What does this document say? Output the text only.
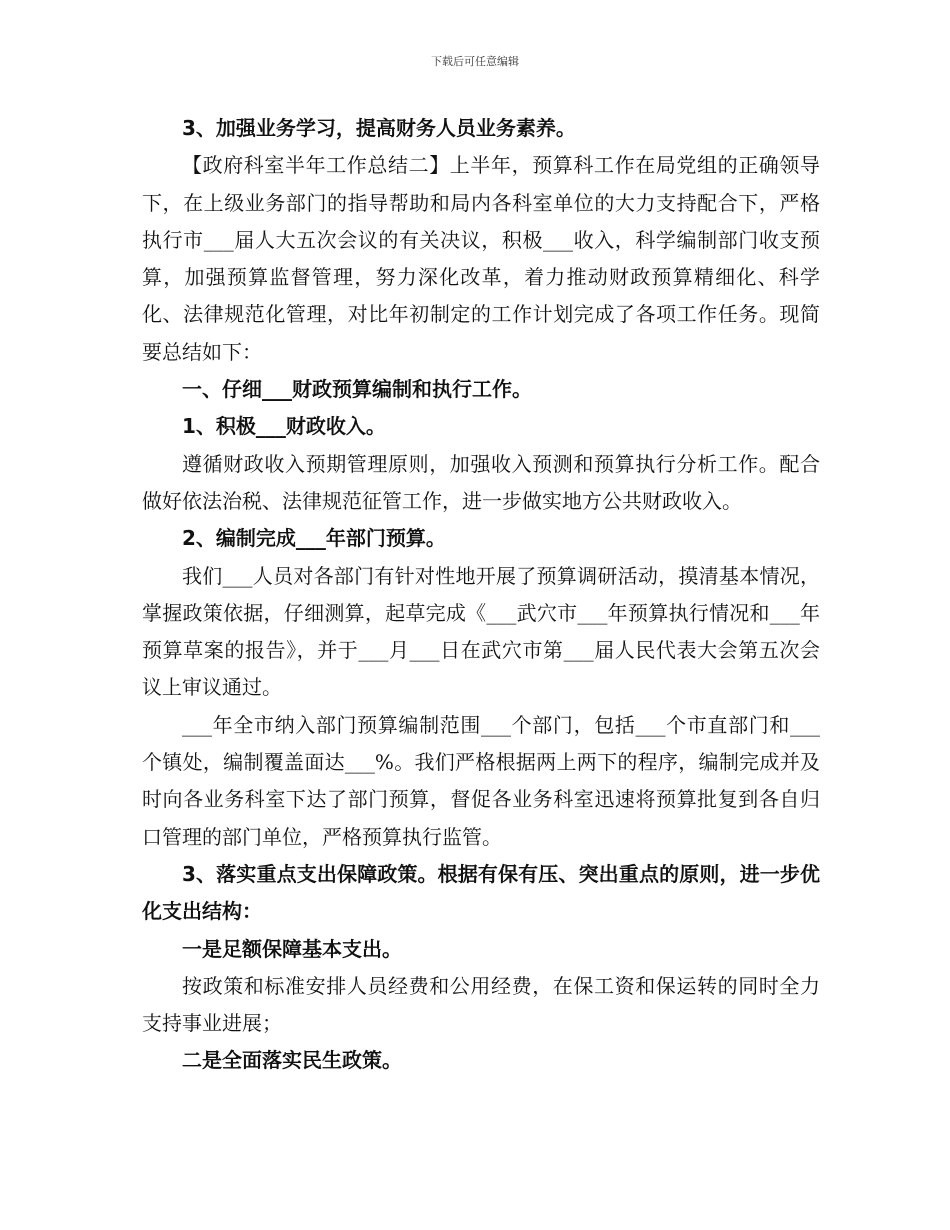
下载后可任意编辑

3、加强业务学习，提高财务人员业务素养。

【政府科室半年工作总结二】上半年，预算科工作在局党组的正确领导下，在上级业务部门的指导帮助和局内各科室单位的大力支持配合下，严格执行市___届人大五次会议的有关决议，积极___收入，科学编制部门收支预算，加强预算监督管理，努力深化改革，着力推动财政预算精细化、科学化、法律规范化管理，对比年初制定的工作计划完成了各项工作任务。现简要总结如下：

一、仔细___财政预算编制和执行工作。

1、积极___财政收入。

遵循财政收入预期管理原则，加强收入预测和预算执行分析工作。配合做好依法治税、法律规范征管工作，进一步做实地方公共财政收入。

2、编制完成___年部门预算。

我们___人员对各部门有针对性地开展了预算调研活动，摸清基本情况，掌握政策依据，仔细测算，起草完成《___武穴市___年预算执行情况和___年预算草案的报告》，并于___月___日在武穴市第___届人民代表大会第五次会议上审议通过。

___年全市纳入部门预算编制范围___个部门，包括___个市直部门和___个镇处，编制覆盖面达___%。我们严格根据两上两下的程序，编制完成并及时向各业务科室下达了部门预算，督促各业务科室迅速将预算批复到各自归口管理的部门单位，严格预算执行监管。

3、落实重点支出保障政策。根据有保有压、突出重点的原则，进一步优化支出结构：

一是足额保障基本支出。

按政策和标准安排人员经费和公用经费，在保工资和保运转的同时全力支持事业进展；

二是全面落实民生政策。
